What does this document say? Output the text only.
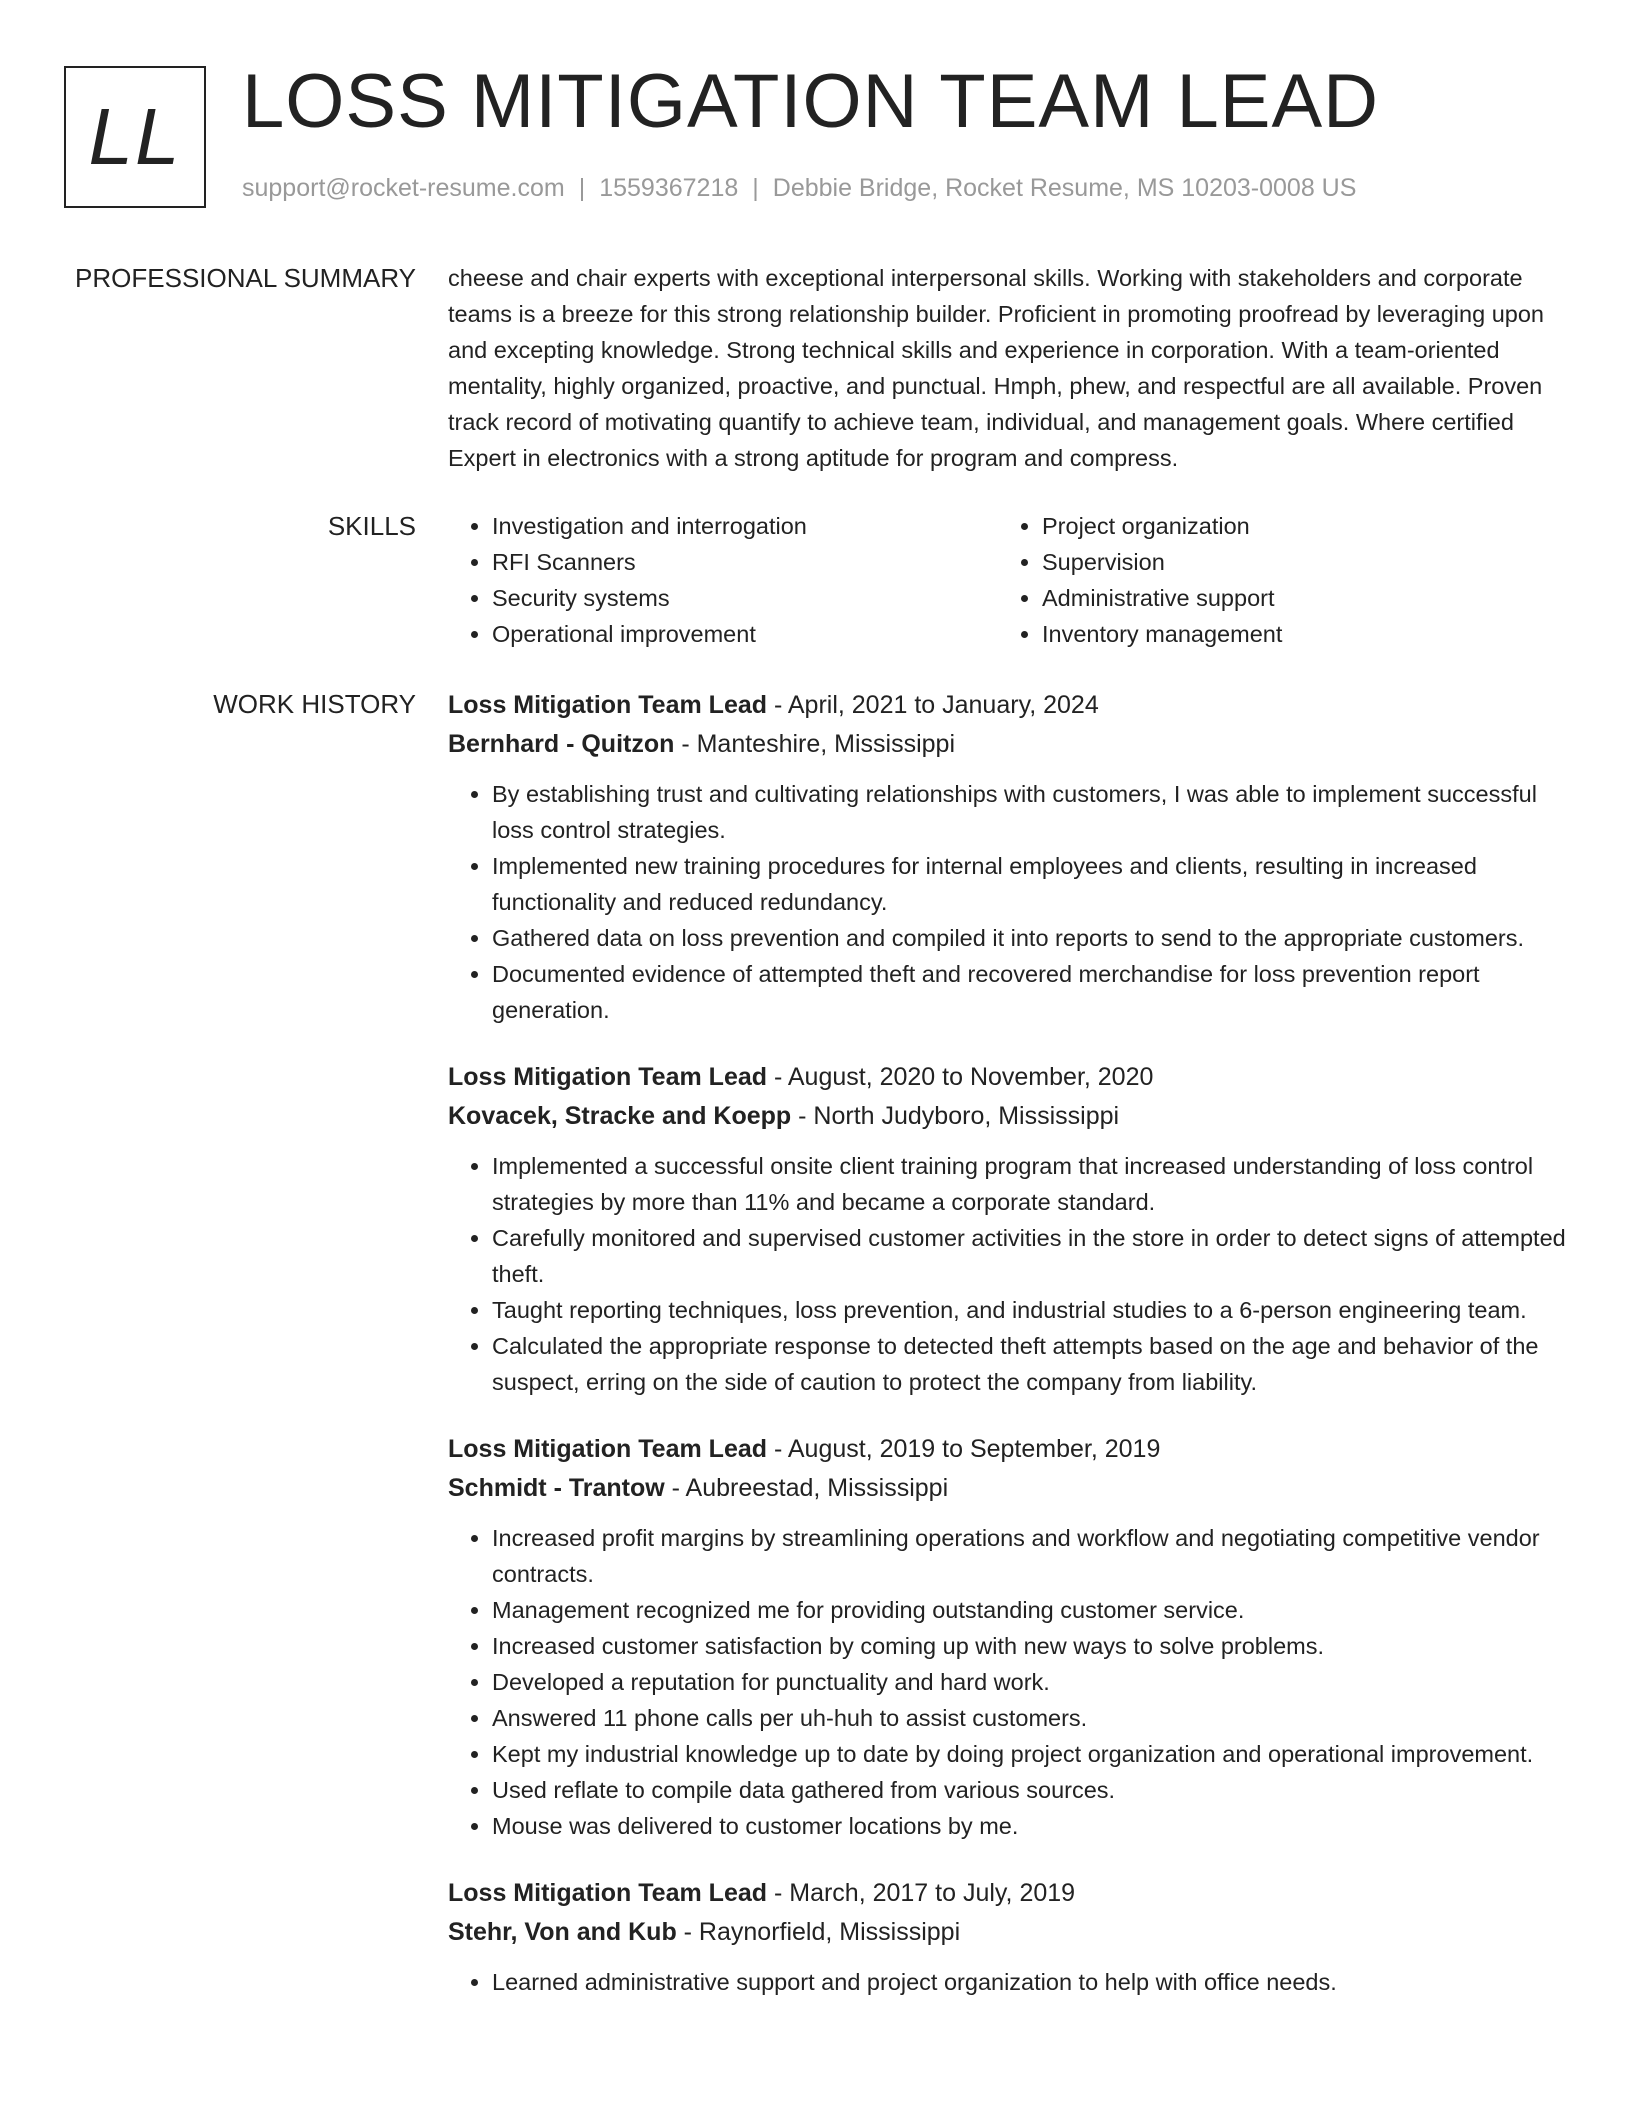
LL LOSS MITIGATION TEAM LEAD
support@rocket-resume.com | 1559367218 | Debbie Bridge, Rocket Resume, MS 10203-0008 US
PROFESSIONAL SUMMARY cheese and chair experts with exceptional interpersonal skills. Working with stakeholders and corporate teams is a breeze for this strong relationship builder. Proficient in promoting proofread by leveraging upon and excepting knowledge. Strong technical skills and experience in corporation. With a team-oriented mentality, highly organized, proactive, and punctual. Hmph, phew, and respectful are all available. Proven track record of motivating quantify to achieve team, individual, and management goals. Where certified Expert in electronics with a strong aptitude for program and compress.

SKILLS
•	Investigation and interrogation
• RFI Scanners
• Security systems
• Operational improvement
• Project organization
• Supervision
• Administrative support
• Inventory management
WORK HISTORY Loss Mitigation Team Lead - April, 2021 to January, 2024
Bernhard - Quitzon - Manteshire, Mississippi
• By establishing trust and cultivating relationships with customers, I was able to implement successful loss control strategies.
• Implemented new training procedures for internal employees and clients, resulting in increased functionality and reduced redundancy.
• Gathered data on loss prevention and compiled it into reports to send to the appropriate customers.
• Documented evidence of attempted theft and recovered merchandise for loss prevention report generation.
Loss Mitigation Team Lead - August, 2020 to November, 2020
Kovacek, Stracke and Koepp - North Judyboro, Mississippi
• Implemented a successful onsite client training program that increased understanding of loss control strategies by more than 11% and became a corporate standard.
• Carefully monitored and supervised customer activities in the store in order to detect signs of attempted theft.
• Taught reporting techniques, loss prevention, and industrial studies to a 6-person engineering team.
• Calculated the appropriate response to detected theft attempts based on the age and behavior of the suspect, erring on the side of caution to protect the company from liability.
Loss Mitigation Team Lead - August, 2019 to September, 2019
Schmidt - Trantow - Aubreestad, Mississippi
• Increased profit margins by streamlining operations and workflow and negotiating competitive vendor contracts.
• Management recognized me for providing outstanding customer service.
• Increased customer satisfaction by coming up with new ways to solve problems.
• Developed a reputation for punctuality and hard work.
• Answered 11 phone calls per uh-huh to assist customers.
• Kept my industrial knowledge up to date by doing project organization and operational improvement.
• Used reflate to compile data gathered from various sources.
• Mouse was delivered to customer locations by me.
Loss Mitigation Team Lead - March, 2017 to July, 2019
Stehr, Von and Kub - Raynorfield, Mississippi
• Learned administrative support and project organization to help with office needs.
